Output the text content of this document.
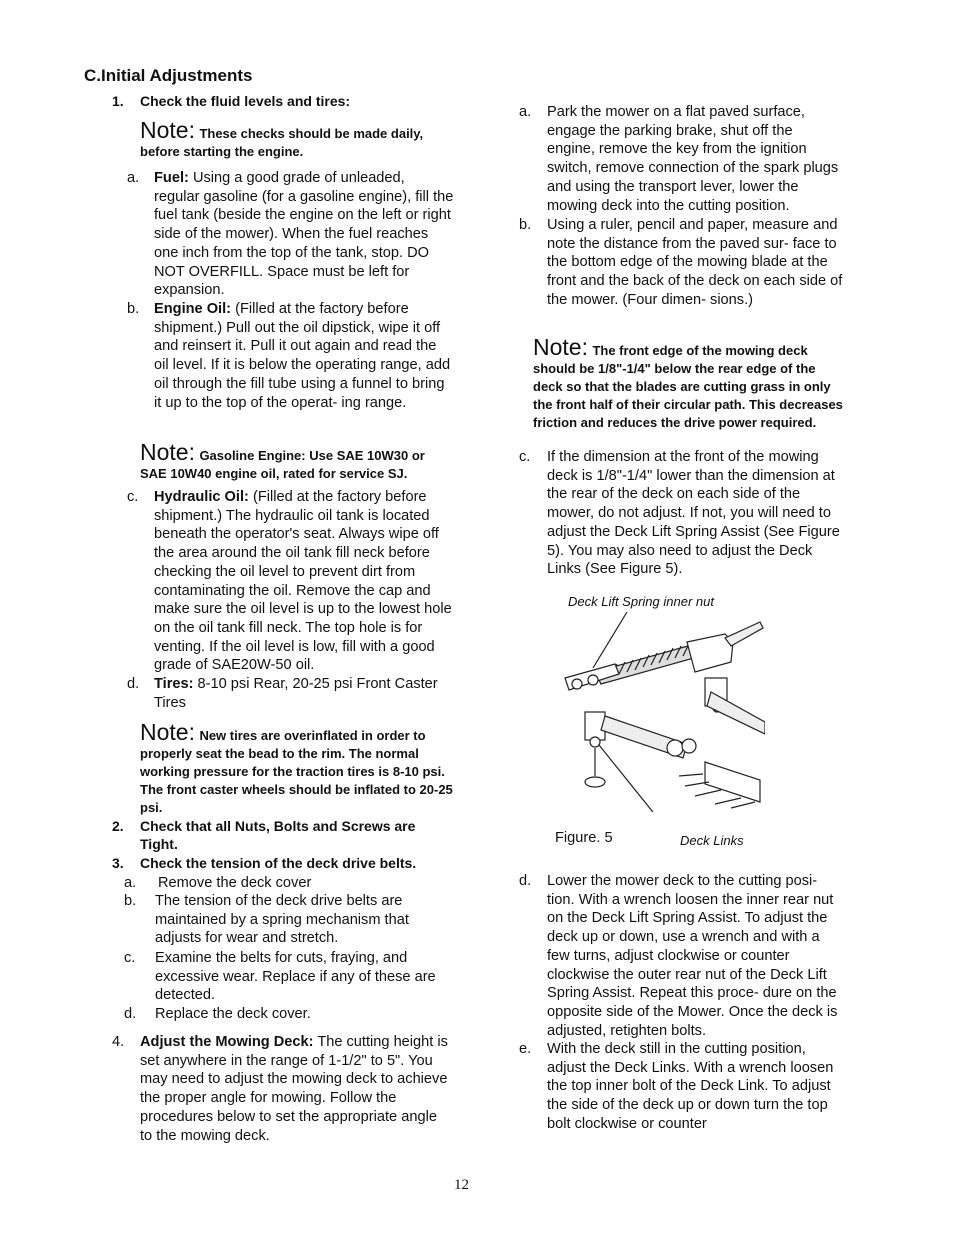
C.Initial Adjustments
1. Check the fluid levels and tires:
Note: These checks should be made daily, before starting the engine.
a. Fuel: Using a good grade of unleaded, regular gasoline (for a gasoline engine), fill the fuel tank (beside the engine on the left or right side of the mower). When the fuel reaches one inch from the top of the tank, stop. DO NOT OVERFILL. Space must be left for expansion.
b. Engine Oil: (Filled at the factory before shipment.) Pull out the oil dipstick, wipe it off and reinsert it. Pull it out again and read the oil level. If it is below the operating range, add oil through the fill tube using a funnel to bring it up to the top of the operat- ing range.
Note: Gasoline Engine: Use SAE 10W30 or SAE 10W40 engine oil, rated for service SJ.
c. Hydraulic Oil: (Filled at the factory before shipment.) The hydraulic oil tank is located beneath the operator's seat. Always wipe off the area around the oil tank fill neck before checking the oil level to prevent dirt from contaminating the oil. Remove the cap and make sure the oil level is up to the lowest hole on the oil tank fill neck. The top hole is for venting. If the oil level is low, fill with a good grade of SAE20W-50 oil.
d. Tires: 8-10 psi Rear, 20-25 psi Front Caster Tires
Note: New tires are overinflated in order to properly seat the bead to the rim. The normal working pressure for the traction tires is 8-10 psi. The front caster wheels should be inflated to 20-25 psi.
2. Check that all Nuts, Bolts and Screws are Tight.
3. Check the tension of the deck drive belts.
a. Remove the deck cover
b. The tension of the deck drive belts are maintained by a spring mechanism that adjusts for wear and stretch.
c. Examine the belts for cuts, fraying, and excessive wear. Replace if any of these are detected.
d. Replace the deck cover.
4. Adjust the Mowing Deck: The cutting height is set anywhere in the range of 1-1/2" to 5". You may need to adjust the mowing deck to achieve the proper angle for mowing. Follow the procedures below to set the appropriate angle to the mowing deck.
a. Park the mower on a flat paved surface, engage the parking brake, shut off the engine, remove the key from the ignition switch, remove connection of the spark plugs and using the transport lever, lower the mowing deck into the cutting position.
b. Using a ruler, pencil and paper, measure and note the distance from the paved sur- face to the bottom edge of the mowing blade at the front and the back of the deck on each side of the mower. (Four dimen- sions.)
Note: The front edge of the mowing deck should be 1/8"-1/4" below the rear edge of the deck so that the blades are cutting grass in only the front half of their circular path. This decreases friction and reduces the drive power required.
c. If the dimension at the front of the mowing deck is 1/8"-1/4" lower than the dimension at the rear of the deck on each side of the mower, do not adjust. If not, you will need to adjust the Deck Lift Spring Assist (See Figure 5). You may also need to adjust the Deck Links (See Figure 5).
Deck Lift Spring inner nut
Figure. 5	Deck Links
d. Lower the mower deck to the cutting posi- tion. With a wrench loosen the inner rear nut on the Deck Lift Spring Assist. To adjust the deck up or down, use a wrench and with a few turns, adjust clockwise or counter clockwise the outer rear nut of the Deck Lift Spring Assist. Repeat this proce- dure on the opposite side of the Mower. Once the deck is adjusted, retighten bolts.
e. With the deck still in the cutting position, adjust the Deck Links. With a wrench loosen the top inner bolt of the Deck Link. To adjust the side of the deck up or down turn the top bolt clockwise or counter
12
